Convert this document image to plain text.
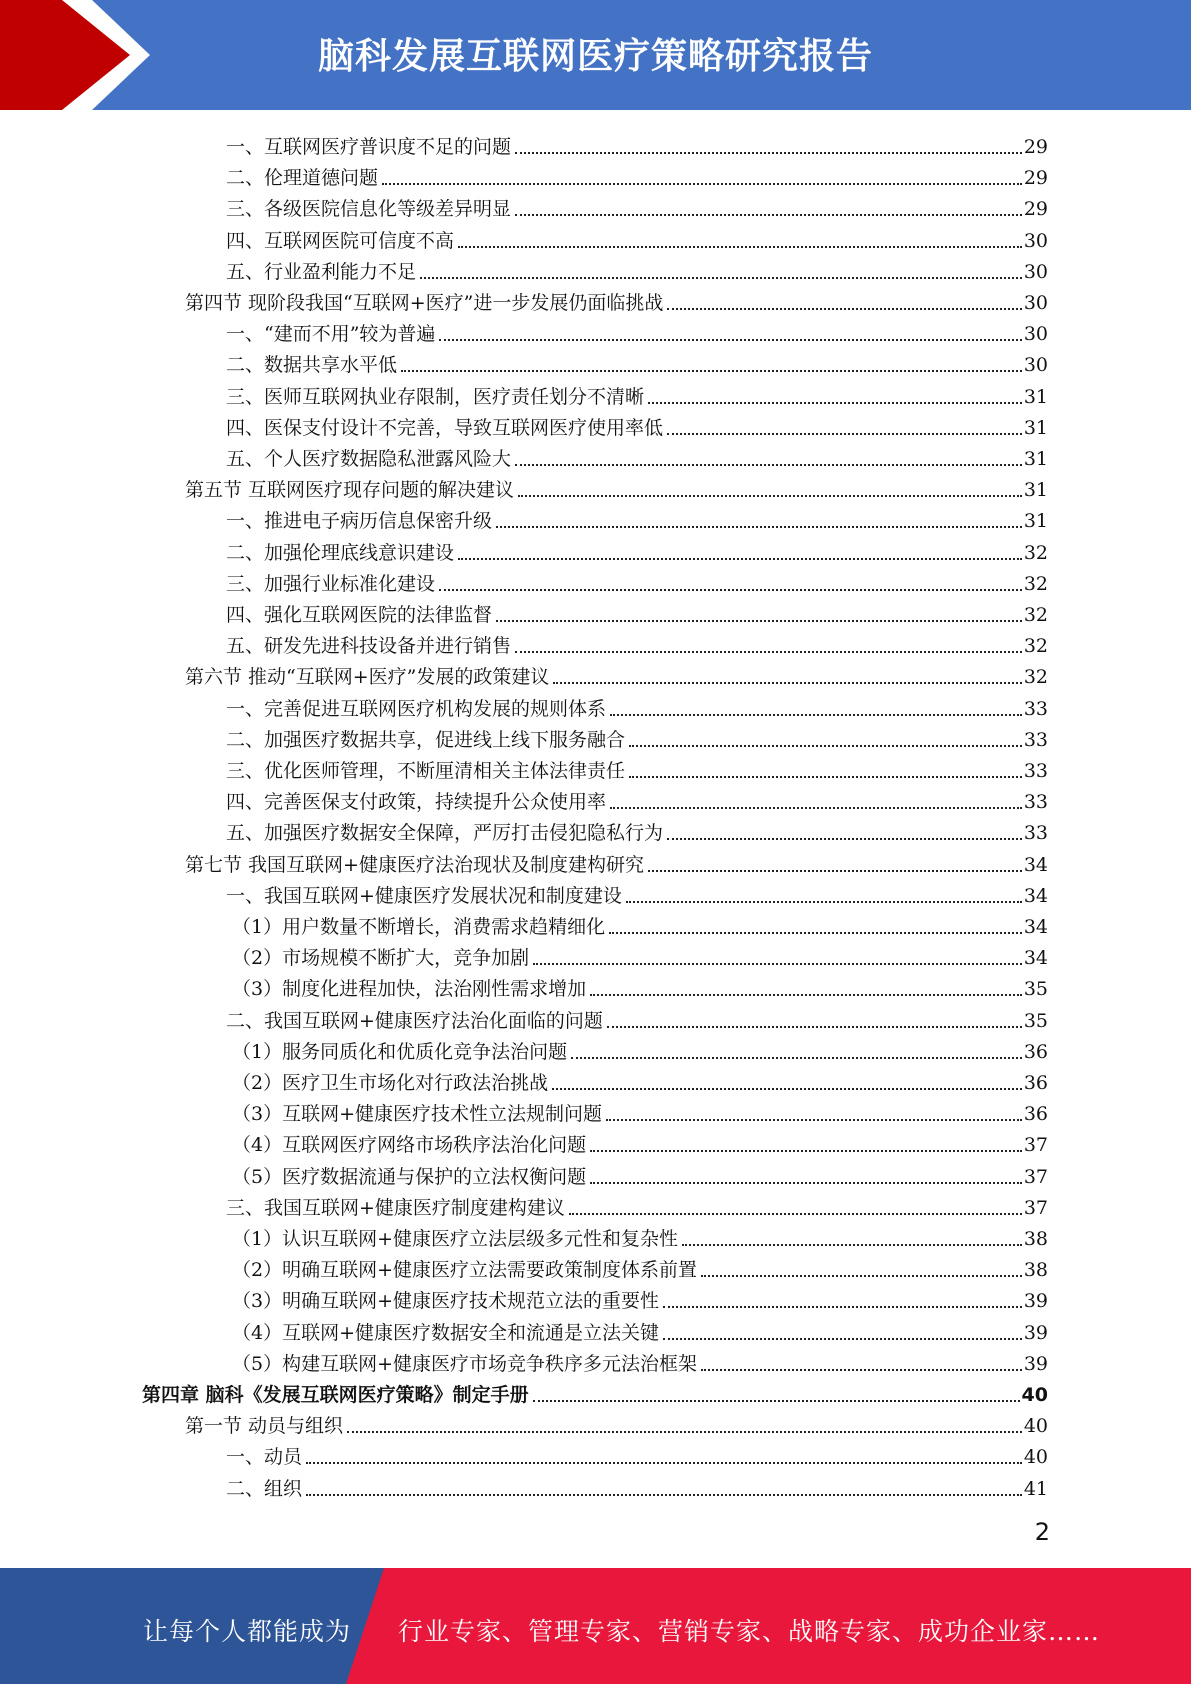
脑科发展互联网医疗策略研究报告
一、互联网医疗普识度不足的问题	29
二、伦理道德问题	29
三、各级医院信息化等级差异明显	29
四、互联网医院可信度不高	30
五、行业盈利能力不足	30
第四节 现阶段我国“互联网+医疗”进一步发展仍面临挑战	30
一、“建而不用”较为普遍	30
二、数据共享水平低	30
三、医师互联网执业存限制，医疗责任划分不清晰	31
四、医保支付设计不完善，导致互联网医疗使用率低	31
五、个人医疗数据隐私泄露风险大	31
第五节 互联网医疗现存问题的解决建议	31
一、推进电子病历信息保密升级	31
二、加强伦理底线意识建设	32
三、加强行业标准化建设	32
四、强化互联网医院的法律监督	32
五、研发先进科技设备并进行销售	32
第六节 推动“互联网+医疗”发展的政策建议	32
一、完善促进互联网医疗机构发展的规则体系	33
二、加强医疗数据共享，促进线上线下服务融合	33
三、优化医师管理，不断厘清相关主体法律责任	33
四、完善医保支付政策，持续提升公众使用率	33
五、加强医疗数据安全保障，严厉打击侵犯隐私行为	33
第七节 我国互联网+健康医疗法治现状及制度建构研究	34
一、我国互联网+健康医疗发展状况和制度建设	34
（1）用户数量不断增长，消费需求趋精细化	34
（2）市场规模不断扩大，竞争加剧	34
（3）制度化进程加快，法治刚性需求增加	35
二、我国互联网+健康医疗法治化面临的问题	35
（1）服务同质化和优质化竞争法治问题	36
（2）医疗卫生市场化对行政法治挑战	36
（3）互联网+健康医疗技术性立法规制问题	36
（4）互联网医疗网络市场秩序法治化问题	37
（5）医疗数据流通与保护的立法权衡问题	37
三、我国互联网+健康医疗制度建构建议	37
（1）认识互联网+健康医疗立法层级多元性和复杂性	38
（2）明确互联网+健康医疗立法需要政策制度体系前置	38
（3）明确互联网+健康医疗技术规范立法的重要性	39
（4）互联网+健康医疗数据安全和流通是立法关键	39
（5）构建互联网+健康医疗市场竞争秩序多元法治框架	39
第四章 脑科《发展互联网医疗策略》制定手册	40
第一节 动员与组织	40
一、动员	40
二、组织	41
2
让每个人都能成为 行业专家、管理专家、营销专家、战略专家、成功企业家……
